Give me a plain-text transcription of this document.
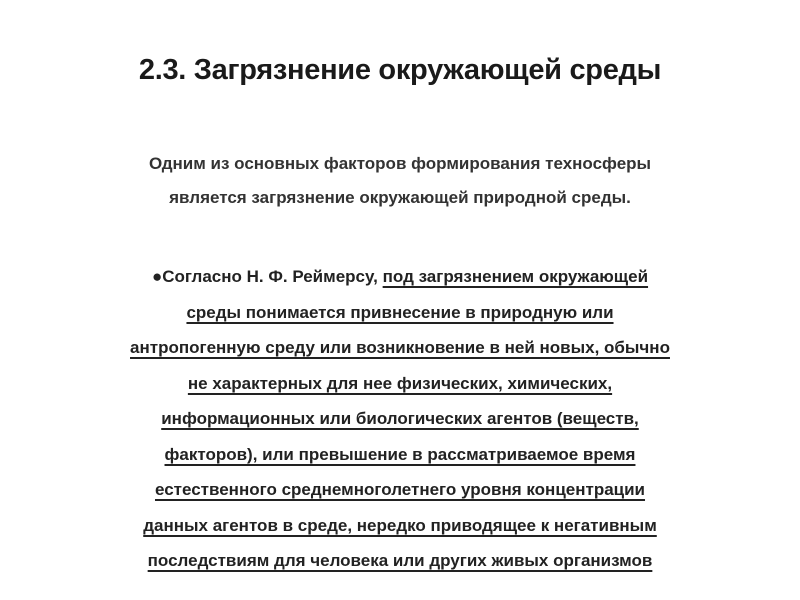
2.3. Загрязнение окружающей среды
Одним из основных факторов формирования техносферы
является загрязнение окружающей природной среды.
●Согласно Н. Ф. Реймерсу, под загрязнением окружающей
среды понимается привнесение в природную или
антропогенную среду или возникновение в ней новых, обычно
не характерных для нее физических, химических,
информационных или биологических агентов (веществ,
факторов), или превышение в рассматриваемое время
естественного среднемноголетнего уровня концентрации
данных агентов в среде, нередко приводящее к негативным
последствиям для человека или других живых организмов
